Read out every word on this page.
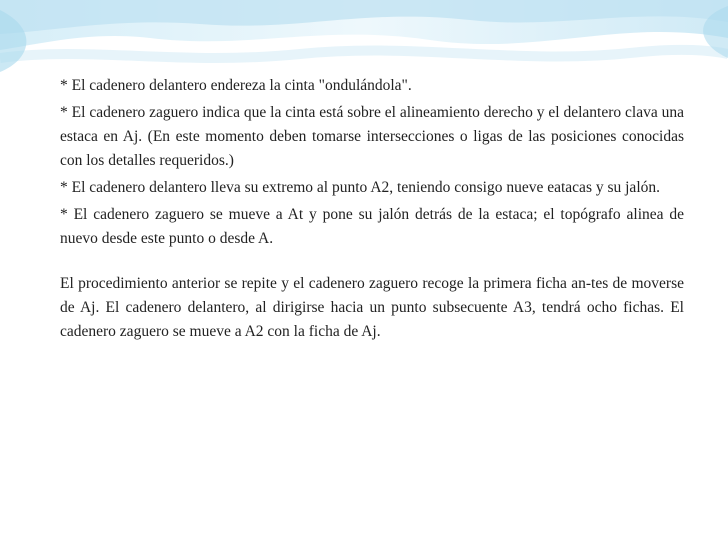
* El cadenero delantero endereza la cinta "ondulándola".

* El cadenero zaguero indica que la cinta está sobre el alineamiento derecho y el delantero clava una estaca en Aj. (En este momento deben tomarse intersecciones o ligas de las posiciones conocidas con los detalles requeridos.)

* El cadenero delantero lleva su extremo al punto A2, teniendo consigo nueve eatacas y su jalón.

* El cadenero zaguero se mueve a At y pone su jalón detrás de la estaca; el topógrafo alinea de nuevo desde este punto o desde A.

El procedimiento anterior se repite y el cadenero zaguero recoge la primera ficha an-tes de moverse de Aj. El cadenero delantero, al dirigirse hacia un punto subsecuente A3, tendrá ocho fichas. El cadenero zaguero se mueve a A2 con la ficha de Aj.
